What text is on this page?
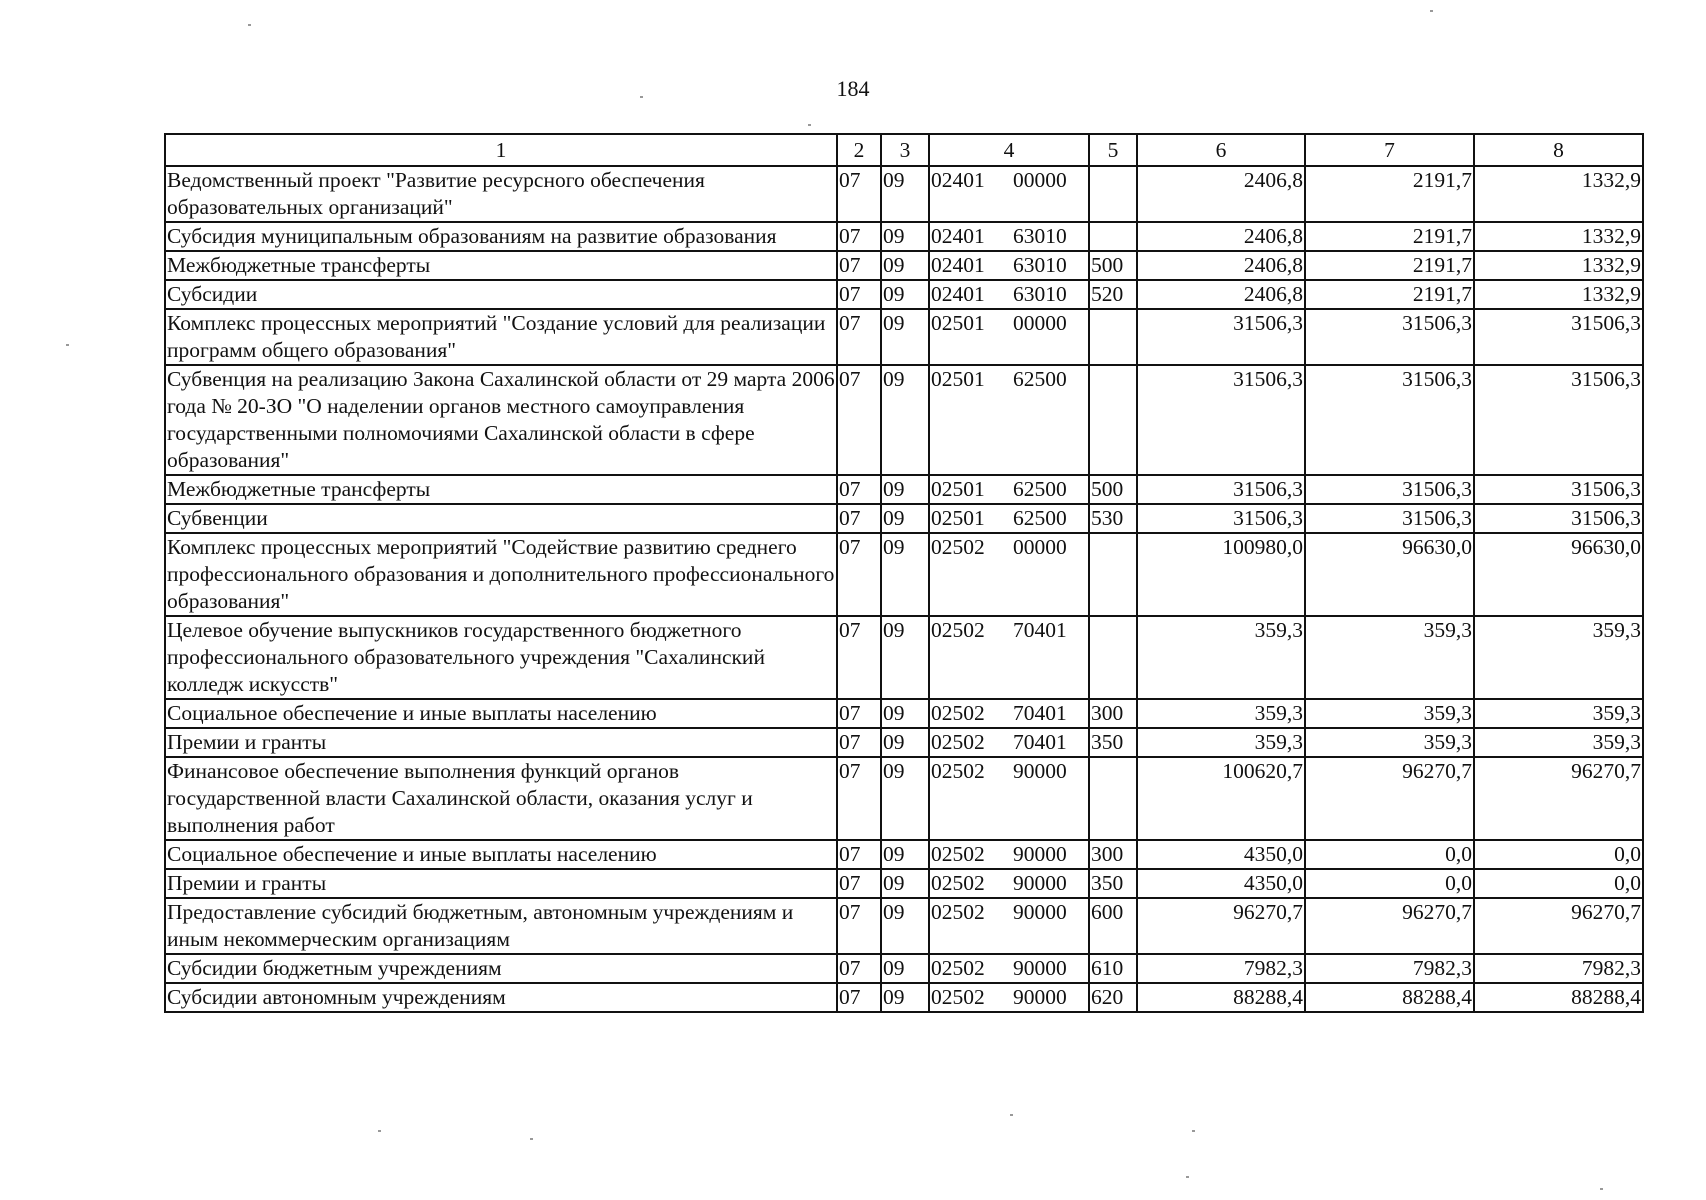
184
1	2	3	4	5	6	7	8
Ведомственный проект "Развитие ресурсного обеспечения образовательных организаций"	07	09	02401 00000		2406,8	2191,7	1332,9
Субсидия муниципальным образованиям на развитие образования	07	09	02401 63010		2406,8	2191,7	1332,9
Межбюджетные трансферты	07	09	02401 63010	500	2406,8	2191,7	1332,9
Субсидии	07	09	02401 63010	520	2406,8	2191,7	1332,9
Комплекс процессных мероприятий "Создание условий для реализации программ общего образования"	07	09	02501 00000		31506,3	31506,3	31506,3
Субвенция на реализацию Закона Сахалинской области от 29 марта 2006 года № 20-ЗО "О наделении органов местного самоуправления государственными полномочиями Сахалинской области в сфере образования"	07	09	02501 62500		31506,3	31506,3	31506,3
Межбюджетные трансферты	07	09	02501 62500	500	31506,3	31506,3	31506,3
Субвенции	07	09	02501 62500	530	31506,3	31506,3	31506,3
Комплекс процессных мероприятий "Содействие развитию среднего профессионального образования и дополнительного профессионального образования"	07	09	02502 00000		100980,0	96630,0	96630,0
Целевое обучение выпускников государственного бюджетного профессионального образовательного учреждения "Сахалинский колледж искусств"	07	09	02502 70401		359,3	359,3	359,3
Социальное обеспечение и иные выплаты населению	07	09	02502 70401	300	359,3	359,3	359,3
Премии и гранты	07	09	02502 70401	350	359,3	359,3	359,3
Финансовое обеспечение выполнения функций органов государственной власти Сахалинской области, оказания услуг и выполнения работ	07	09	02502 90000		100620,7	96270,7	96270,7
Социальное обеспечение и иные выплаты населению	07	09	02502 90000	300	4350,0	0,0	0,0
Премии и гранты	07	09	02502 90000	350	4350,0	0,0	0,0
Предоставление субсидий бюджетным, автономным учреждениям и иным некоммерческим организациям	07	09	02502 90000	600	96270,7	96270,7	96270,7
Субсидии бюджетным учреждениям	07	09	02502 90000	610	7982,3	7982,3	7982,3
Субсидии автономным учреждениям	07	09	02502 90000	620	88288,4	88288,4	88288,4
